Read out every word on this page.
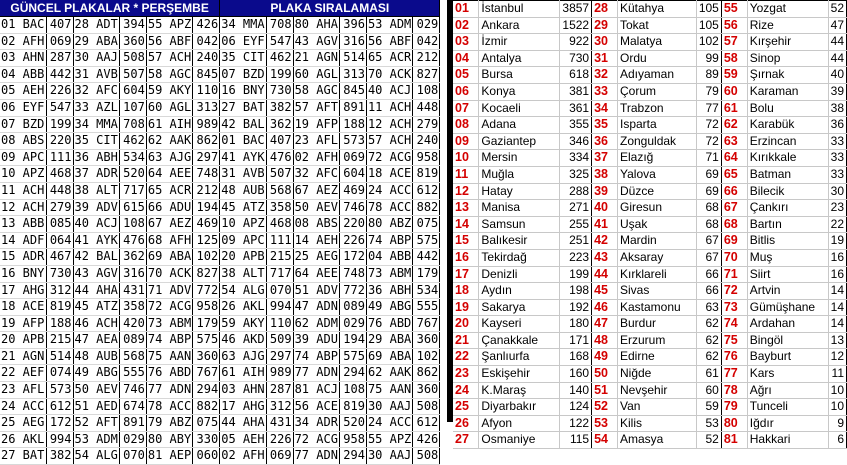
GÜNCEL PLAKALAR * PERŞEMBE						PLAKA SIRALAMASI					
01 BAC	407	28 ADT	394	55 APZ	426	34 MMA	708	80 AHA	396	53 ADM	029
02 AFH	069	29 ABA	360	56 ABF	042	06 EYF	547	43 AGV	316	56 ABF	042
03 AHN	287	30 AAJ	508	57 ACH	240	35 CIT	462	21 AGN	514	65 ACR	212
04 ABB	442	31 AVB	507	58 AGC	845	07 BZD	199	60 AGL	313	70 ACK	827
05 AEH	226	32 AFC	604	59 AKY	110	16 BNY	730	58 AGC	845	40 ACJ	108
06 EYF	547	33 AZL	107	60 AGL	313	27 BAT	382	57 AFT	891	11 ACH	448
07 BZD	199	34 MMA	708	61 AIH	989	42 BAL	362	19 AFP	188	12 ACH	279
08 ABS	220	35 CIT	462	62 AAK	862	01 BAC	407	23 AFL	573	57 ACH	240
09 APC	111	36 ABH	534	63 AJG	297	41 AYK	476	02 AFH	069	72 ACG	958
10 APZ	468	37 ADR	520	64 AEE	748	31 AVB	507	32 AFC	604	18 ACE	819
11 ACH	448	38 ALT	717	65 ACR	212	48 AUB	568	67 AEZ	469	24 ACC	612
12 ACH	279	39 ADV	615	66 ADU	194	45 ATZ	358	50 AEV	746	78 ACC	882
13 ABB	085	40 ACJ	108	67 AEZ	469	10 APZ	468	08 ABS	220	80 ABZ	075
14 ADF	064	41 AYK	476	68 AFH	125	09 APC	111	14 AEH	226	74 ABP	575
15 ADR	467	42 BAL	362	69 ABA	102	20 APB	215	25 AEG	172	04 ABB	442
16 BNY	730	43 AGV	316	70 ACK	827	38 ALT	717	64 AEE	748	73 ABM	179
17 AHG	312	44 AHA	431	71 ADV	772	54 ALG	070	51 ADV	772	36 ABH	534
18 ACE	819	45 ATZ	358	72 ACG	958	26 AKL	994	47 ADN	089	49 ABG	555
19 AFP	188	46 ACH	420	73 ABM	179	59 AKY	110	62 ADM	029	76 ABD	767
20 APB	215	47 AEA	089	74 ABP	575	46 AKD	509	39 ADU	194	29 ABA	360
21 AGN	514	48 AUB	568	75 AAN	360	63 AJG	297	74 ABP	575	69 ABA	102
22 AEF	074	49 ABG	555	76 ABD	767	61 AIH	989	77 ADN	294	62 AAK	862
23 AFL	573	50 AEV	746	77 ADN	294	03 AHN	287	81 ACJ	108	75 AAN	360
24 ACC	612	51 AED	674	78 ACC	882	17 AHG	312	56 ACE	819	30 AAJ	508
25 AEG	172	52 AFT	891	79 ABZ	075	44 AHA	431	34 ADR	520	24 ACC	612
26 AKL	994	53 ADM	029	80 ABY	330	05 AEH	226	72 ACG	958	55 APZ	426
27 BAT	382	54 ALG	070	81 AEP	060	02 AFH	069	77 ADN	294	30 AAJ	508
01	İstanbul	3857	28	Kütahya	105	55	Yozgat	52
02	Ankara	1522	29	Tokat	105	56	Rize	47
03	İzmir	922	30	Malatya	102	57	Kırşehir	44
04	Antalya	730	31	Ordu	99	58	Sinop	44
05	Bursa	618	32	Adıyaman	89	59	Şırnak	40
06	Konya	381	33	Çorum	79	60	Karaman	39
07	Kocaeli	361	34	Trabzon	77	61	Bolu	38
08	Adana	355	35	Isparta	72	62	Karabük	36
09	Gaziantep	346	36	Zonguldak	72	63	Erzincan	33
10	Mersin	334	37	Elazığ	71	64	Kırıkkale	33
11	Muğla	325	38	Yalova	69	65	Batman	33
12	Hatay	288	39	Düzce	69	66	Bilecik	30
13	Manisa	271	40	Giresun	68	67	Çankırı	23
14	Samsun	255	41	Uşak	68	68	Bartın	22
15	Balıkesir	251	42	Mardin	67	69	Bitlis	19
16	Tekirdağ	223	43	Aksaray	67	70	Muş	16
17	Denizli	199	44	Kırklareli	66	71	Siirt	16
18	Aydın	198	45	Sivas	66	72	Artvin	14
19	Sakarya	192	46	Kastamonu	63	73	Gümüşhane	14
20	Kayseri	180	47	Burdur	62	74	Ardahan	14
21	Çanakkale	171	48	Erzurum	62	75	Bingöl	13
22	Şanlıurfa	168	49	Edirne	62	76	Bayburt	12
23	Eskişehir	160	50	Niğde	61	77	Kars	11
24	K.Maraş	140	51	Nevşehir	60	78	Ağrı	10
25	Diyarbakır	124	52	Van	59	79	Tunceli	10
26	Afyon	122	53	Kilis	53	80	Iğdır	9
27	Osmaniye	115	54	Amasya	52	81	Hakkari	6
